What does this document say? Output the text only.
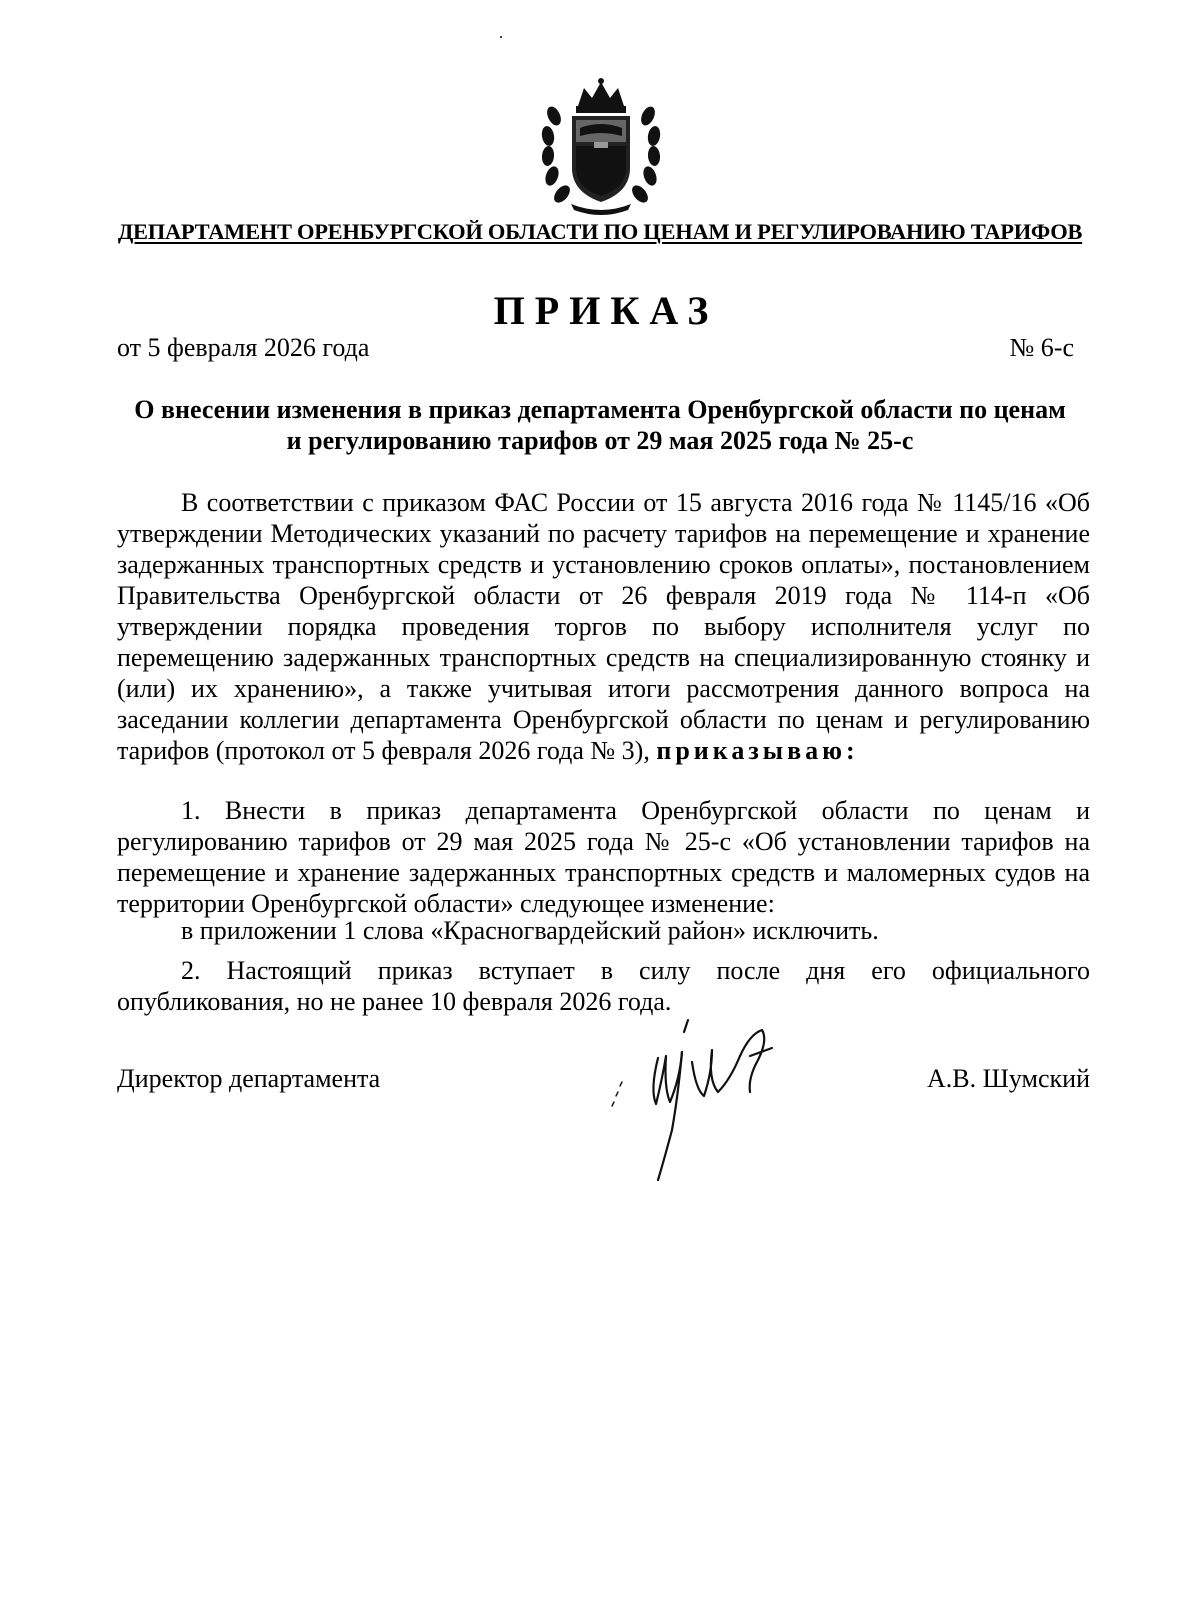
ДЕПАРТАМЕНТ ОРЕНБУРГСКОЙ ОБЛАСТИ ПО ЦЕНАМ И РЕГУЛИРОВАНИЮ ТАРИФОВ
ПРИКАЗ
от 5 февраля 2026 года	№ 6-с
О внесении изменения в приказ департамента Оренбургской области по ценам
и регулированию тарифов от 29 мая 2025 года № 25-с

В соответствии с приказом ФАС России от 15 августа 2016 года № 1145/16 «Об утверждении Методических указаний по расчету тарифов на перемещение и хранение задержанных транспортных средств и установлению сроков оплаты», постановлением Правительства Оренбургской области от 26 февраля 2019 года № 114-п «Об утверждении порядка проведения торгов по выбору исполнителя услуг по перемещению задержанных транспортных средств на специализированную стоянку и (или) их хранению», а также учитывая итоги рассмотрения данного вопроса на заседании коллегии департамента Оренбургской области по ценам и регулированию тарифов (протокол от 5 февраля 2026 года № 3), приказываю:

1. Внести в приказ департамента Оренбургской области по ценам и регулированию тарифов от 29 мая 2025 года № 25-с «Об установлении тарифов на перемещение и хранение задержанных транспортных средств и маломерных судов на территории Оренбургской области» следующее изменение:

в приложении 1 слова «Красногвардейский район» исключить.

2. Настоящий приказ вступает в силу после дня его официального опубликования, но не ранее 10 февраля 2026 года.

Директор департамента	А.В. Шумский
